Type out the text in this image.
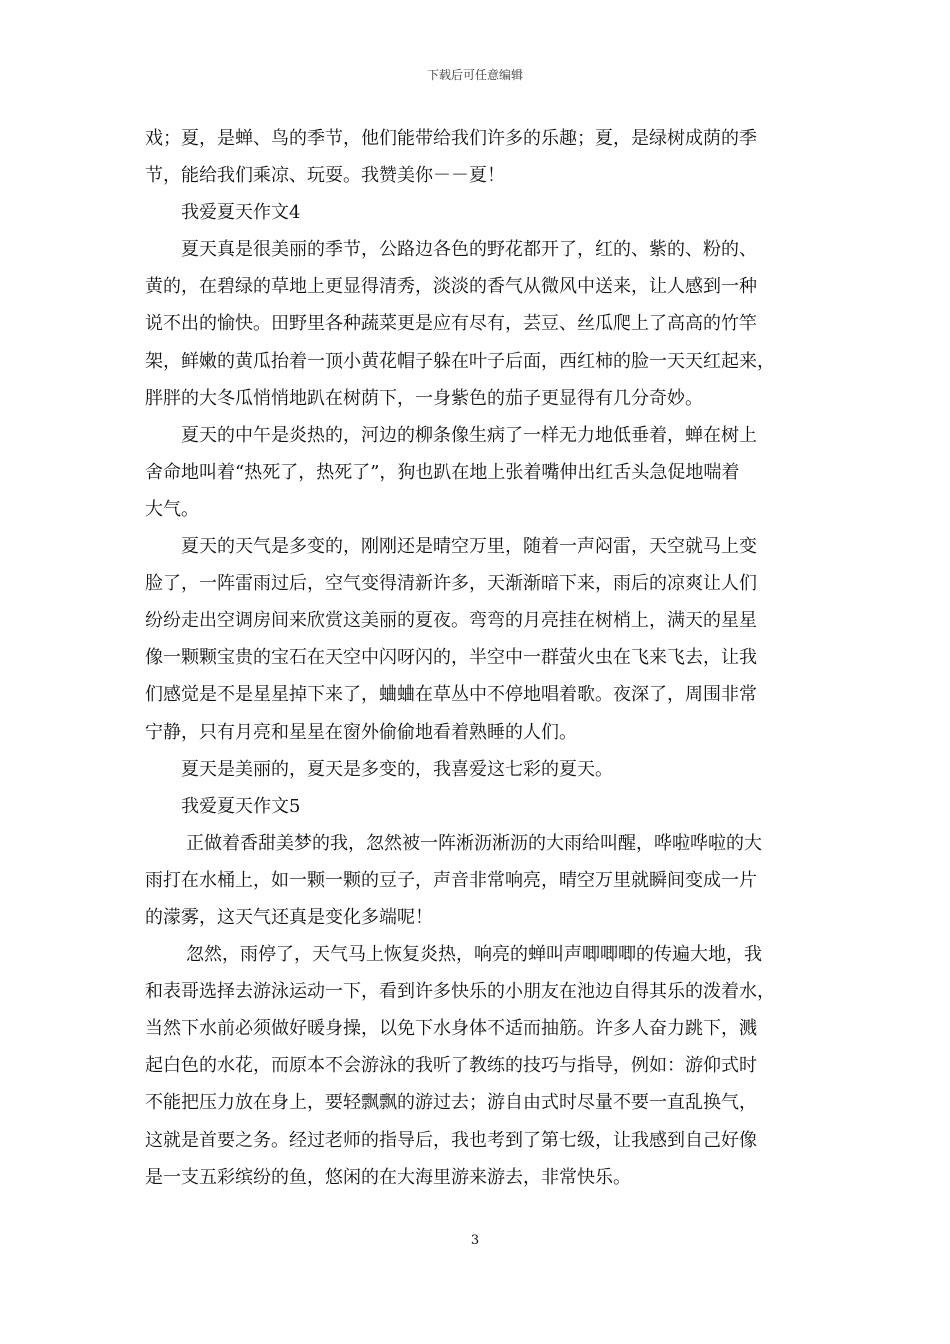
下载后可任意编辑
戏；夏，是蝉、鸟的季节，他们能带给我们许多的乐趣；夏，是绿树成荫的季
节，能给我们乘凉、玩耍。我赞美你－－夏！
我爱夏天作文4
夏天真是很美丽的季节，公路边各色的野花都开了，红的、紫的、粉的、
黄的，在碧绿的草地上更显得清秀，淡淡的香气从微风中送来，让人感到一种
说不出的愉快。田野里各种蔬菜更是应有尽有，芸豆、丝瓜爬上了高高的竹竿
架，鲜嫩的黄瓜抬着一顶小黄花帽子躲在叶子后面，西红柿的脸一天天红起来，
胖胖的大冬瓜悄悄地趴在树荫下，一身紫色的茄子更显得有几分奇妙。
夏天的中午是炎热的，河边的柳条像生病了一样无力地低垂着，蝉在树上
舍命地叫着“热死了，热死了”，狗也趴在地上张着嘴伸出红舌头急促地喘着
大气。
夏天的天气是多变的，刚刚还是晴空万里，随着一声闷雷，天空就马上变
脸了，一阵雷雨过后，空气变得清新许多，天渐渐暗下来，雨后的凉爽让人们
纷纷走出空调房间来欣赏这美丽的夏夜。弯弯的月亮挂在树梢上，满天的星星
像一颗颗宝贵的宝石在天空中闪呀闪的，半空中一群萤火虫在飞来飞去，让我
们感觉是不是星星掉下来了，蛐蛐在草丛中不停地唱着歌。夜深了，周围非常
宁静，只有月亮和星星在窗外偷偷地看着熟睡的人们。
夏天是美丽的，夏天是多变的，我喜爱这七彩的夏天。
我爱夏天作文5
正做着香甜美梦的我，忽然被一阵淅沥淅沥的大雨给叫醒，哗啦哗啦的大
雨打在水桶上，如一颗一颗的豆子，声音非常响亮，晴空万里就瞬间变成一片
的濛雾，这天气还真是变化多端呢！
忽然，雨停了，天气马上恢复炎热，响亮的蝉叫声唧唧唧的传遍大地，我
和表哥选择去游泳运动一下，看到许多快乐的小朋友在池边自得其乐的泼着水，
当然下水前必须做好暖身操，以免下水身体不适而抽筋。许多人奋力跳下，溅
起白色的水花，而原本不会游泳的我听了教练的技巧与指导，例如：游仰式时
不能把压力放在身上，要轻飘飘的游过去；游自由式时尽量不要一直乱换气，
这就是首要之务。经过老师的指导后，我也考到了第七级，让我感到自己好像
是一支五彩缤纷的鱼，悠闲的在大海里游来游去，非常快乐。
3
